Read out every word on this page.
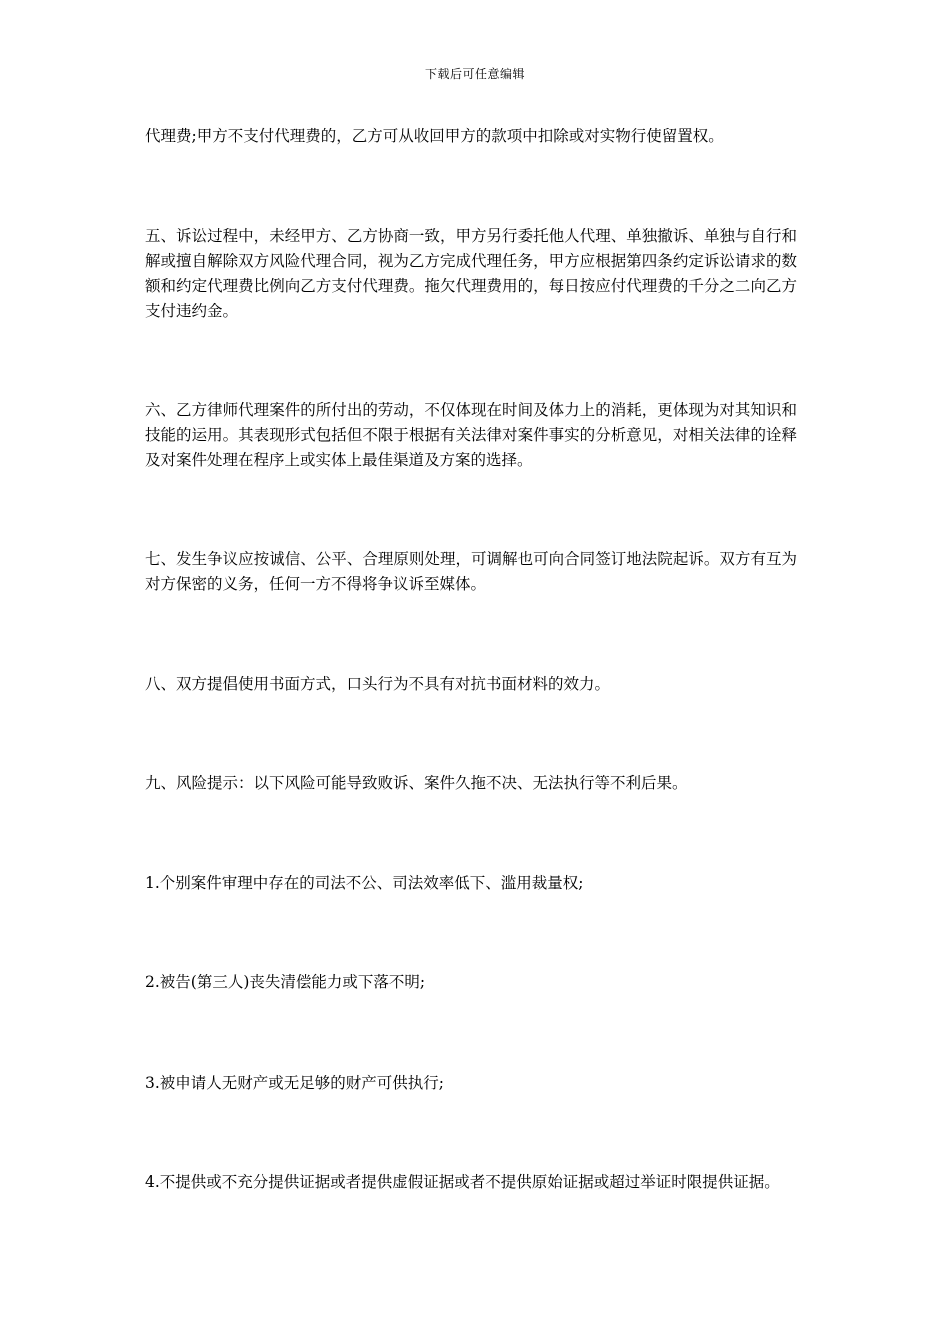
下载后可任意编辑

代理费;甲方不支付代理费的，乙方可从收回甲方的款项中扣除或对实物行使留置权。

五、诉讼过程中，未经甲方、乙方协商一致，甲方另行委托他人代理、单独撤诉、单独与自行和解或擅自解除双方风险代理合同，视为乙方完成代理任务，甲方应根据第四条约定诉讼请求的数额和约定代理费比例向乙方支付代理费。拖欠代理费用的，每日按应付代理费的千分之二向乙方支付违约金。

六、乙方律师代理案件的所付出的劳动，不仅体现在时间及体力上的消耗，更体现为对其知识和技能的运用。其表现形式包括但不限于根据有关法律对案件事实的分析意见，对相关法律的诠释及对案件处理在程序上或实体上最佳渠道及方案的选择。

七、发生争议应按诚信、公平、合理原则处理，可调解也可向合同签订地法院起诉。双方有互为对方保密的义务，任何一方不得将争议诉至媒体。

八、双方提倡使用书面方式，口头行为不具有对抗书面材料的效力。

九、风险提示：以下风险可能导致败诉、案件久拖不决、无法执行等不利后果。

1.个别案件审理中存在的司法不公、司法效率低下、滥用裁量权;

2.被告(第三人)丧失清偿能力或下落不明;

3.被申请人无财产或无足够的财产可供执行;

4.不提供或不充分提供证据或者提供虚假证据或者不提供原始证据或超过举证时限提供证据。
